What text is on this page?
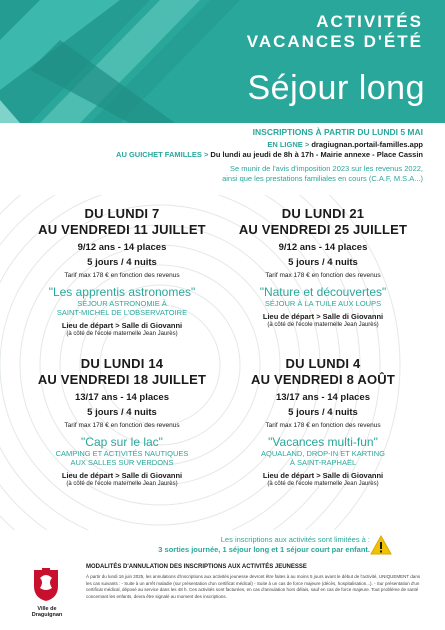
ACTIVITÉS
VACANCES D'ÉTÉ
Séjour long
INSCRIPTIONS À PARTIR DU LUNDI 5 MAI
EN LIGNE > dragiugnan.portail-familles.app
AU GUICHET FAMILLES > Du lundi au jeudi de 8h à 17h - Mairie annexe - Place Cassin
Se munir de l'avis d'imposition 2023 sur les revenus 2022,
ainsi que les prestations familiales en cours (C.A.F, M.S.A...)
DU LUNDI 7
AU VENDREDI 11 JUILLET
9/12 ans - 14 places
5 jours / 4 nuits
Tarif max 178 € en fonction des revenus
"Les apprentis astronomes"
SÉJOUR ASTRONOMIE À
SAINT-MICHEL DE L'OBSERVATOIRE
Lieu de départ > Salle di Giovanni
(à côté de l'école maternelle Jean Jaurès)
DU LUNDI 21
AU VENDREDI 25 JUILLET
9/12 ans - 14 places
5 jours / 4 nuits
Tarif max 178 € en fonction des revenus
"Nature et découvertes"
SÉJOUR À LA TUILE AUX LOUPS
Lieu de départ > Salle di Giovanni
(à côté de l'école maternelle Jean Jaurès)
DU LUNDI 14
AU VENDREDI 18 JUILLET
13/17 ans - 14 places
5 jours / 4 nuits
Tarif max 178 € en fonction des revenus
"Cap sur le lac"
CAMPING ET ACTIVITÉS NAUTIQUES
AUX SALLES SUR VERDONS
Lieu de départ > Salle di Giovanni
(à côté de l'école maternelle Jean Jaurès)
DU LUNDI 4
AU VENDREDI 8 AOÛT
13/17 ans - 14 places
5 jours / 4 nuits
Tarif max 178 € en fonction des revenus
"Vacances multi-fun"
AQUALAND, DROP-IN ET KARTING
À SAINT-RAPHAËL
Lieu de départ > Salle di Giovanni
(à côté de l'école maternelle Jean Jaurès)
Les inscriptions aux activités sont limitées à :
3 sorties journée, 1 séjour long et 1 séjour court par enfant.
Ville de Draguignan
MODALITÉS D'ANNULATION DES INSCRIPTIONS AUX ACTIVITÉS JEUNESSE
À partir du lundi 16 juin 2025, les annulations d'inscriptions aux activités jeunesse devront être faites à au moins 5 jours avant le début de l'activité, UNIQUEMENT dans les cas suivants : - Suite à un arrêt maladie (sur présentation d'un certificat médical) - Suite à un cas de force majeure (décès, hospitalisation...). - Sur présentation d'un certificat médical, déposé au service dans les 48 h. Ces activités sont facturées, en cas d'annulation hors délais, sauf en cas de force majeure. Tout problème de santé concernant les enfants, devra être signalé au moment des inscriptions.
